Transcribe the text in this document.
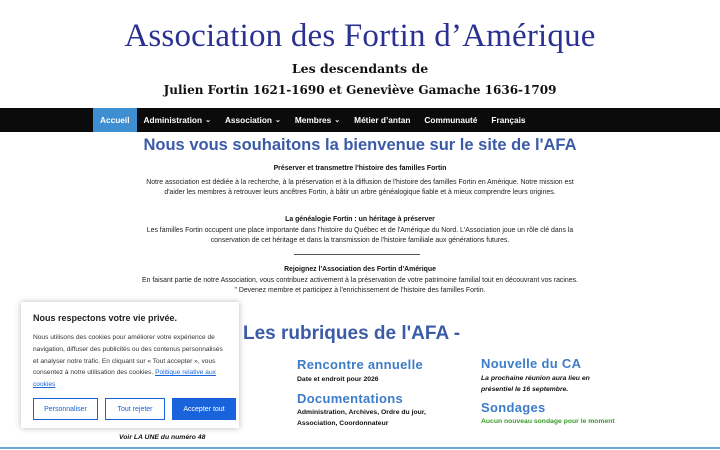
Association des Fortin d’Amérique
Les descendants de
Julien Fortin 1621-1690 et Geneviève Gamache 1636-1709
Accueil Administration ⌄ Association ⌄ Membres ⌄ Métier d’antan Communauté Français
Nous vous souhaitons la bienvenue sur le site de l'AFA
Préserver et transmettre l'histoire des familles Fortin
Notre association est dédiée à la recherche, à la préservation et à la diffusion de l'histoire des familles Fortin en Amérique. Notre mission est d'aider les membres à retrouver leurs ancêtres Fortin, à bâtir un arbre généalogique fiable et à mieux comprendre leurs origines.
La généalogie Fortin : un héritage à préserver
Les familles Fortin occupent une place importante dans l'histoire du Québec et de l'Amérique du Nord. L'Association joue un rôle clé dans la conservation de cet héritage et dans la transmission de l'histoire familiale aux générations futures.
Rejoignez l'Association des Fortin d'Amérique
En faisant partie de notre Association, vous contribuez activement à la préservation de votre patrimoine familial tout en découvrant vos racines.
" Devenez membre et participez à l'enrichissement de l'histoire des familles Fortin.
Les rubriques de l'AFA -
Rencontre annuelle
Date et endroit pour 2026
Documentations
Administration, Archives, Ordre du jour, Association, Coordonnateur
Nouvelle du CA
La prochaine réunion aura lieu en présentiel le 16 septembre.
Sondages
Aucun nouveau sondage pour le moment
Voir LA UNE du numéro 48
Nous respectons votre vie privée.
Nous utilisons des cookies pour améliorer votre expérience de navigation, diffuser des publicités ou des contenus personnalisés et analyser notre trafic. En cliquant sur « Tout accepter », vous consentez à notre utilisation des cookies. Politique relative aux cookies
Personnaliser	Tout rejeter	Accepter tout
